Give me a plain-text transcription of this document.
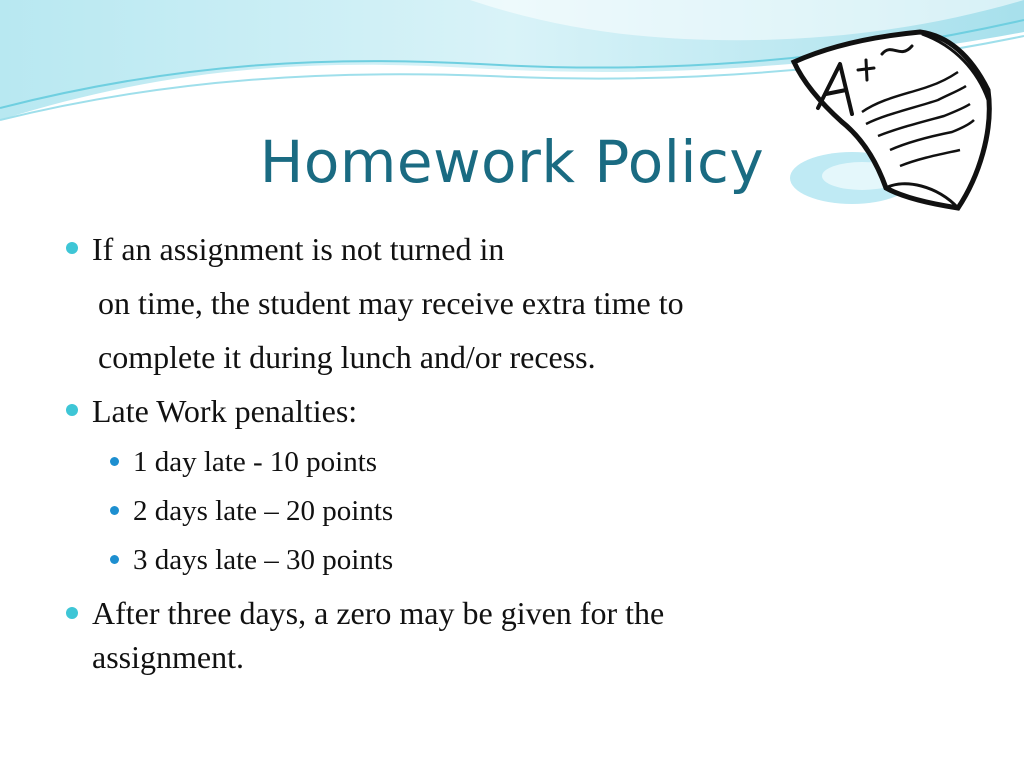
Homework Policy
If an assignment is not turned in
on time, the student may receive extra time to
complete it during lunch and/or recess.
Late Work penalties:
1 day late - 10 points
2 days late – 20 points
3 days late – 30 points
After three days, a zero may be given for the
assignment.
